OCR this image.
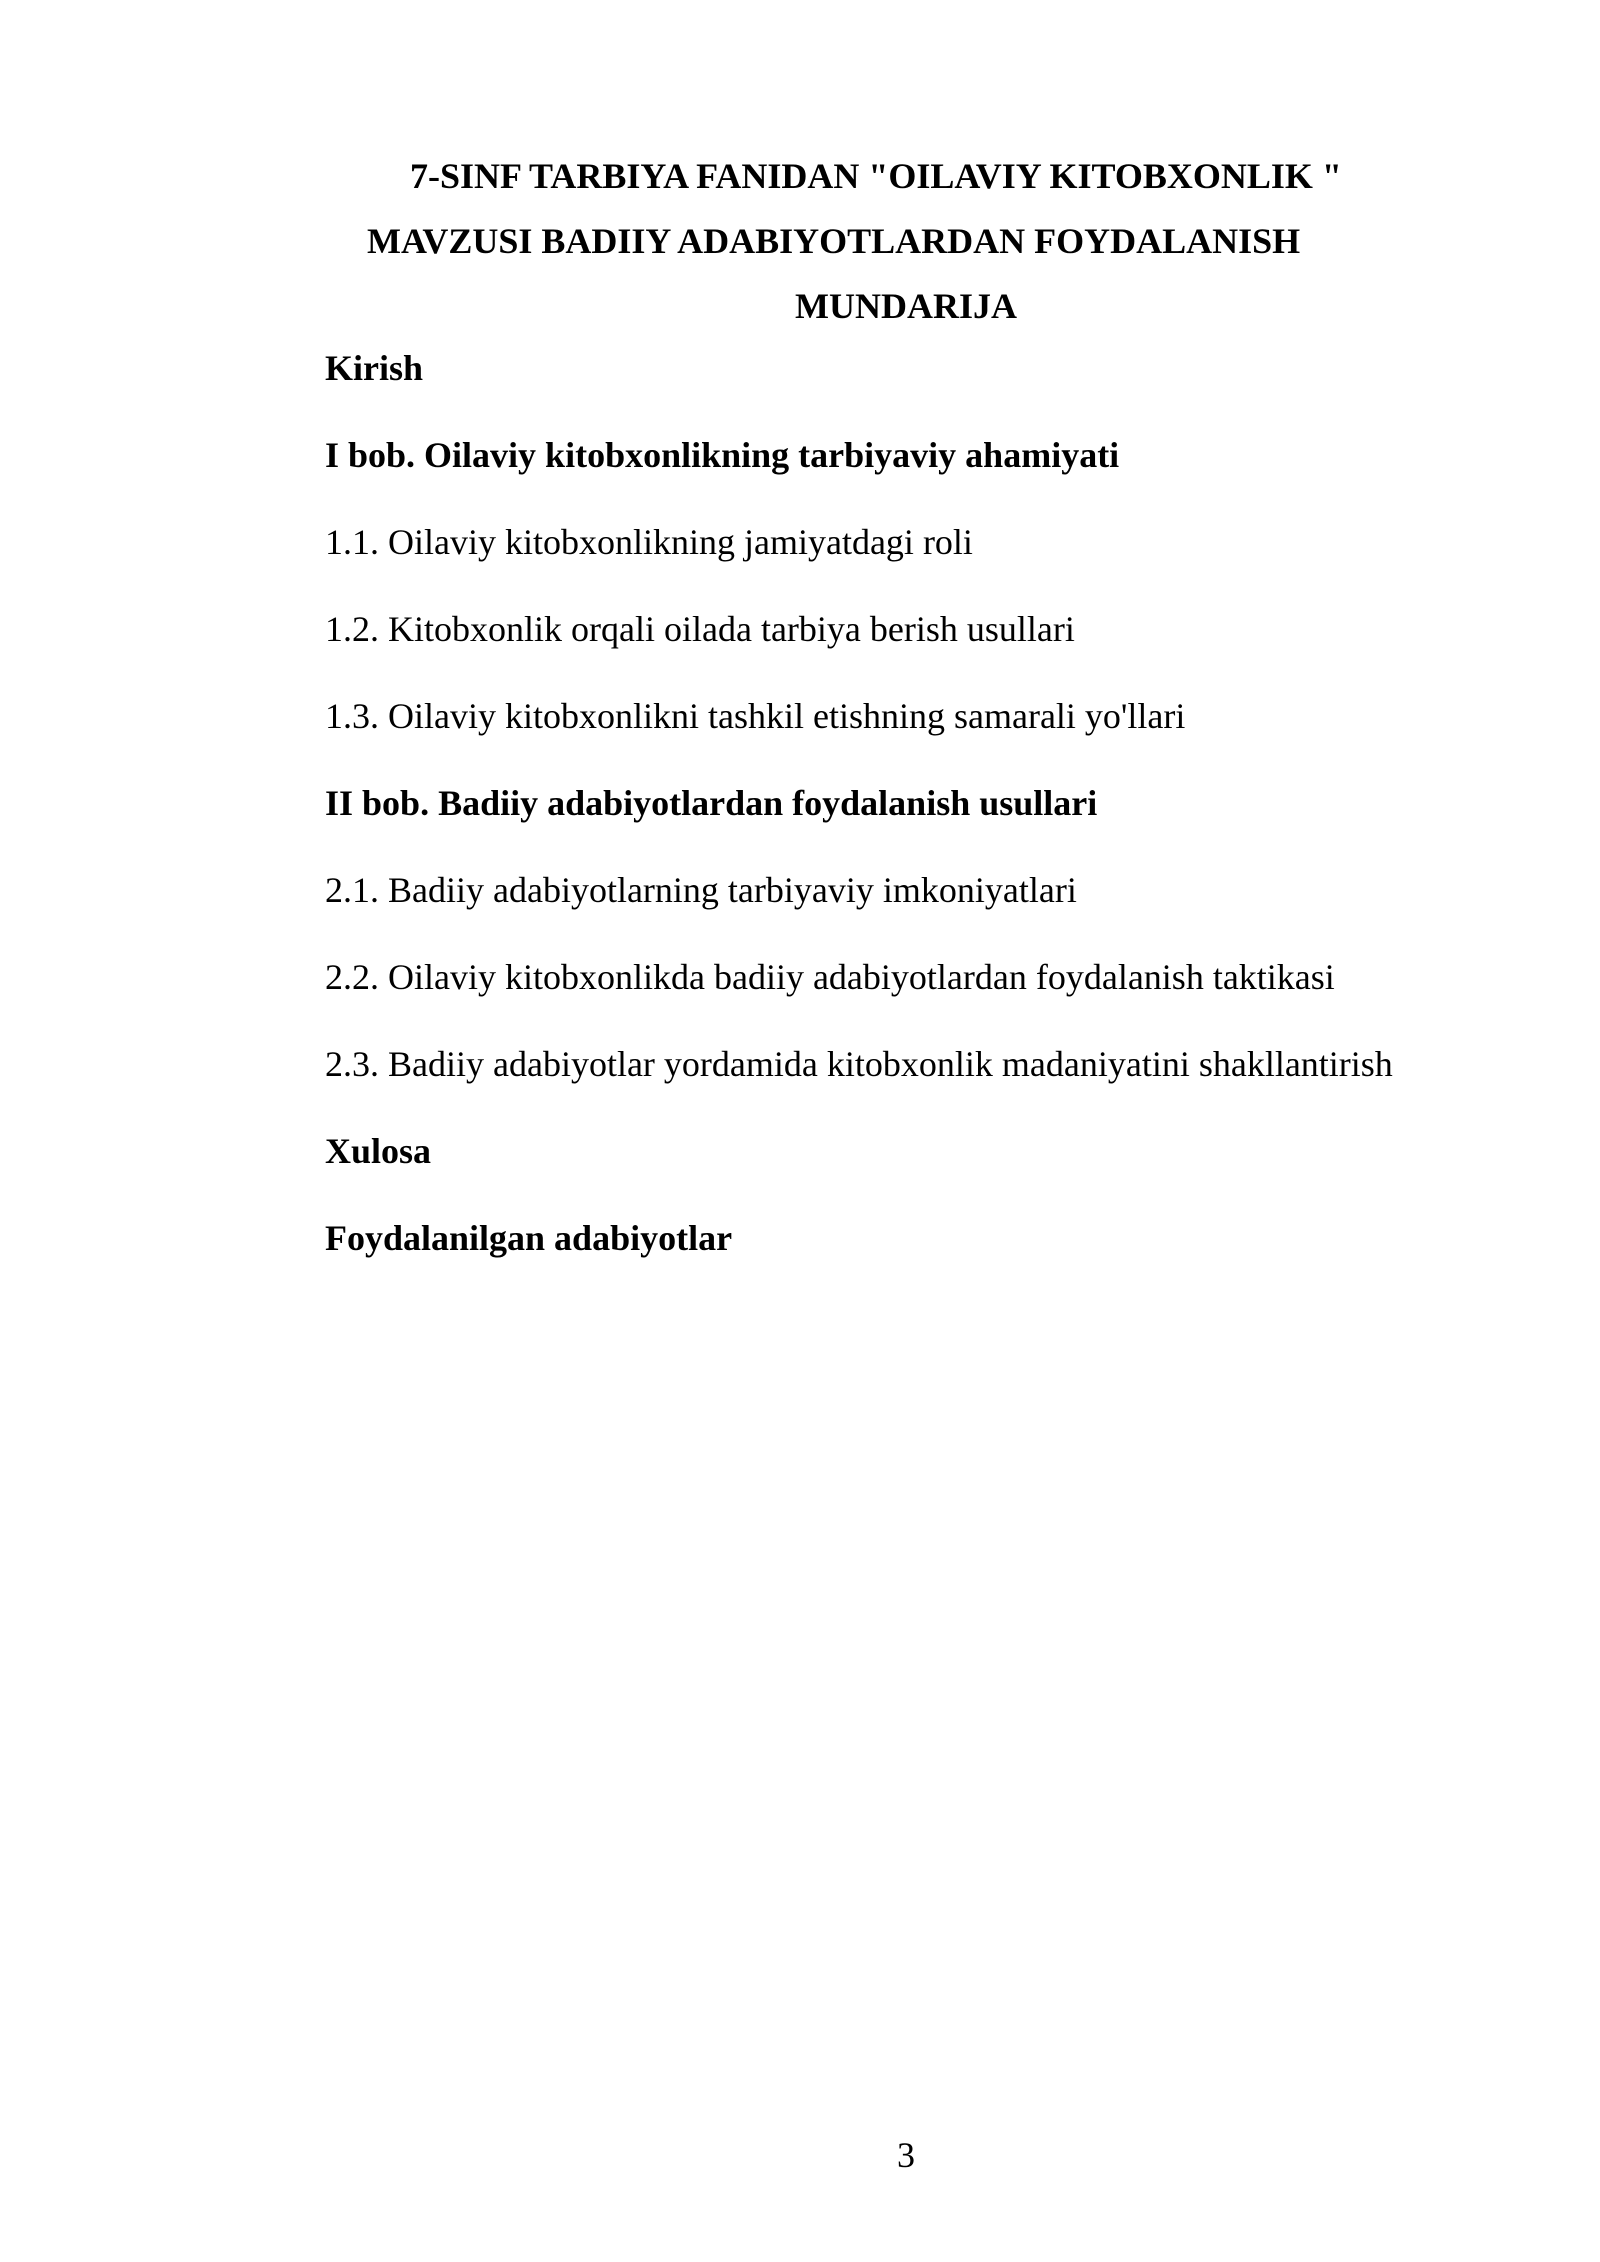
7-SINF TARBIYA FANIDAN "OILAVIY KITOBXONLIK "
MAVZUSI BADIIY ADABIYOTLARDAN FOYDALANISH
MUNDARIJA
Kirish
I bob. Oilaviy kitobxonlikning tarbiyaviy ahamiyati
1.1. Oilaviy kitobxonlikning jamiyatdagi roli
1.2. Kitobxonlik orqali oilada tarbiya berish usullari
1.3. Oilaviy kitobxonlikni tashkil etishning samarali yo'llari
II bob. Badiiy adabiyotlardan foydalanish usullari
2.1. Badiiy adabiyotlarning tarbiyaviy imkoniyatlari
2.2. Oilaviy kitobxonlikda badiiy adabiyotlardan foydalanish taktikasi
2.3. Badiiy adabiyotlar yordamida kitobxonlik madaniyatini shakllantirish
Xulosa
Foydalanilgan adabiyotlar
3
